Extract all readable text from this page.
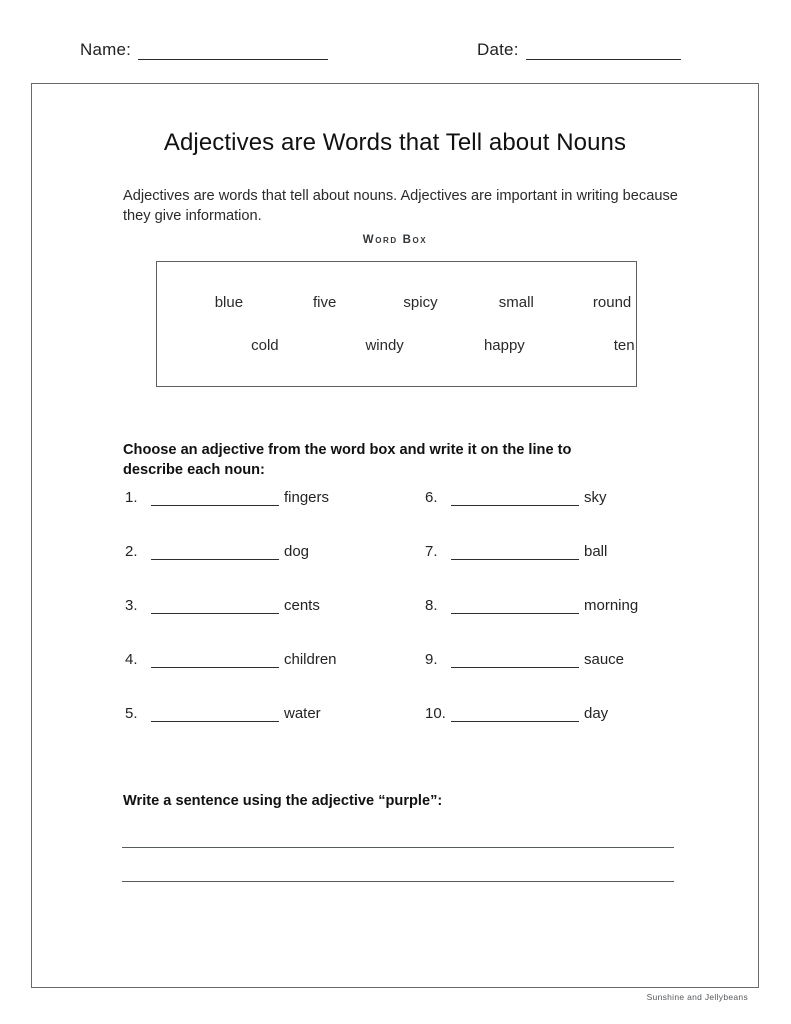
Name:	Date:
Adjectives are Words that Tell about Nouns

Adjectives are words that tell about nouns. Adjectives are important in writing because they give information.

Word Box
blue	five	spicy	small	round
cold	windy	happy	ten

Choose an adjective from the word box and write it on the line to describe each noun:

1.	fingers
2.	dog
3.	cents
4.	children
5.	water
6.	sky
7.	ball
8.	morning
9.	sauce
10.	day

Write a sentence using the adjective “purple”:

Sunshine and Jellybeans
